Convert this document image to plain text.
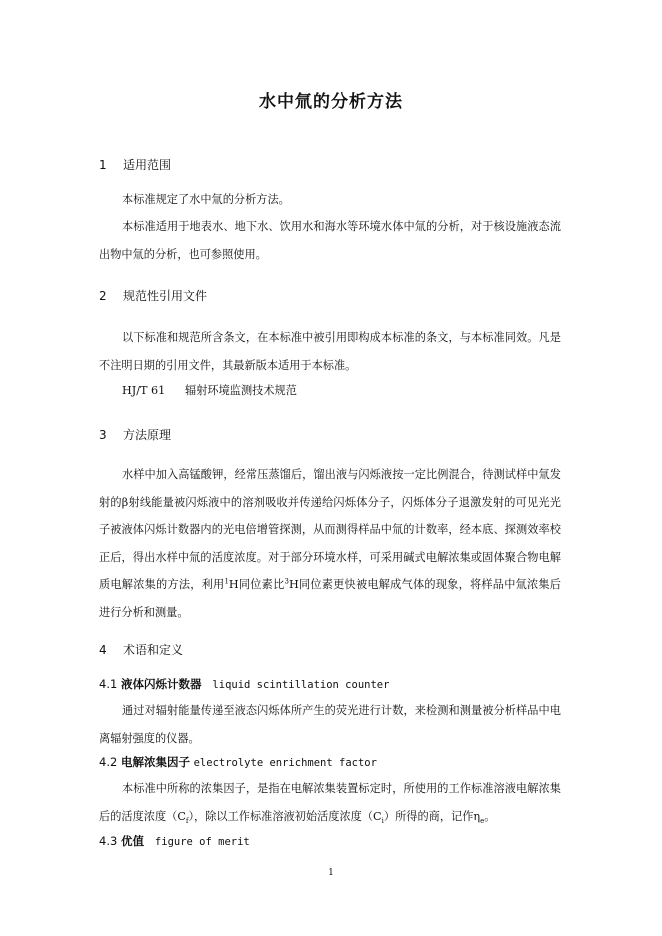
水中氚的分析方法
1 适用范围

本标准规定了水中氚的分析方法。

本标准适用于地表水、地下水、饮用水和海水等环境水体中氚的分析，对于核设施液态流出物中氚的分析，也可参照使用。

2 规范性引用文件

以下标准和规范所含条文，在本标准中被引用即构成本标准的条文，与本标准同效。凡是不注明日期的引用文件，其最新版本适用于本标准。

HJ/T 61 辐射环境监测技术规范
3 方法原理

水样中加入高锰酸钾，经常压蒸馏后，馏出液与闪烁液按一定比例混合，待测试样中氚发射的β射线能量被闪烁液中的溶剂吸收并传递给闪烁体分子，闪烁体分子退激发射的可见光光子被液体闪烁计数器内的光电倍增管探测，从而测得样品中氚的计数率，经本底、探测效率校正后，得出水样中氚的活度浓度。对于部分环境水样，可采用碱式电解浓集或固体聚合物电解质电解浓集的方法，利用$^1$H同位素比$^3$H同位素更快被电解成气体的现象，将样品中氚浓集后进行分析和测量。

4 术语和定义
4.1 液体闪烁计数器 liquid scintillation counter

通过对辐射能量传递至液态闪烁体所产生的荧光进行计数，来检测和测量被分析样品中电离辐射强度的仪器。

4.2 电解浓集因子 electrolyte enrichment factor

本标准中所称的浓集因子，是指在电解浓集装置标定时，所使用的工作标准溶液电解浓集后的活度浓度$(C_f)$，除以工作标准溶液初始活度浓度$(C_i)$所得的商，记作$\eta_e$。

4.3 优值 figure of merit
1
